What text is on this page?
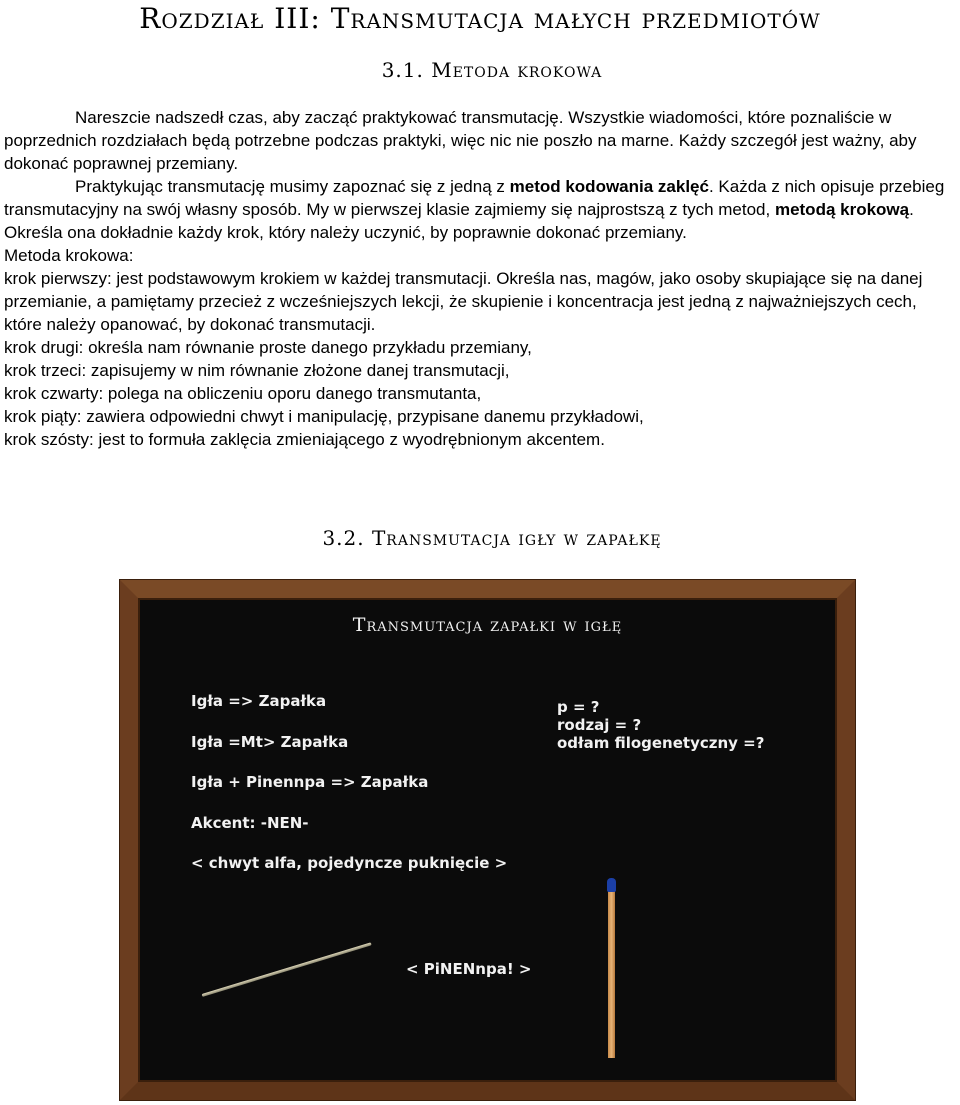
Rozdział III: Transmutacja małych przedmiotów
3.1. Metoda krokowa

Nareszcie nadszedł czas, aby zacząć praktykować transmutację. Wszystkie wiadomości, które poznaliście w poprzednich rozdziałach będą potrzebne podczas praktyki, więc nic nie poszło na marne. Każdy szczegół jest ważny, aby dokonać poprawnej przemiany.

Praktykując transmutację musimy zapoznać się z jedną z metod kodowania zaklęć. Każda z nich opisuje przebieg transmutacyjny na swój własny sposób. My w pierwszej klasie zajmiemy się najprostszą z tych metod, metodą krokową. Określa ona dokładnie każdy krok, który należy uczynić, by poprawnie dokonać przemiany.

Metoda krokowa:

krok pierwszy: jest podstawowym krokiem w każdej transmutacji. Określa nas, magów, jako osoby skupiające się na danej przemianie, a pamiętamy przecież z wcześniejszych lekcji, że skupienie i koncentracja jest jedną z najważniejszych cech, które należy opanować, by dokonać transmutacji.

krok drugi: określa nam równanie proste danego przykładu przemiany,

krok trzeci: zapisujemy w nim równanie złożone danej transmutacji,

krok czwarty: polega na obliczeniu oporu danego transmutanta,

krok piąty: zawiera odpowiedni chwyt i manipulację, przypisane danemu przykładowi,

krok szósty: jest to formuła zaklęcia zmieniającego z wyodrębnionym akcentem.

3.2. Transmutacja igły w zapałkę
Transmutacja zapałki w igłę
Igła => Zapałka
Igła =Mt> Zapałka
Igła + Pinennpa => Zapałka
Akcent: -NEN-
< chwyt alfa, pojedyncze puknięcie >
p = ?
rodzaj = ?
odłam filogenetyczny =?
< PiNENnpa! >
